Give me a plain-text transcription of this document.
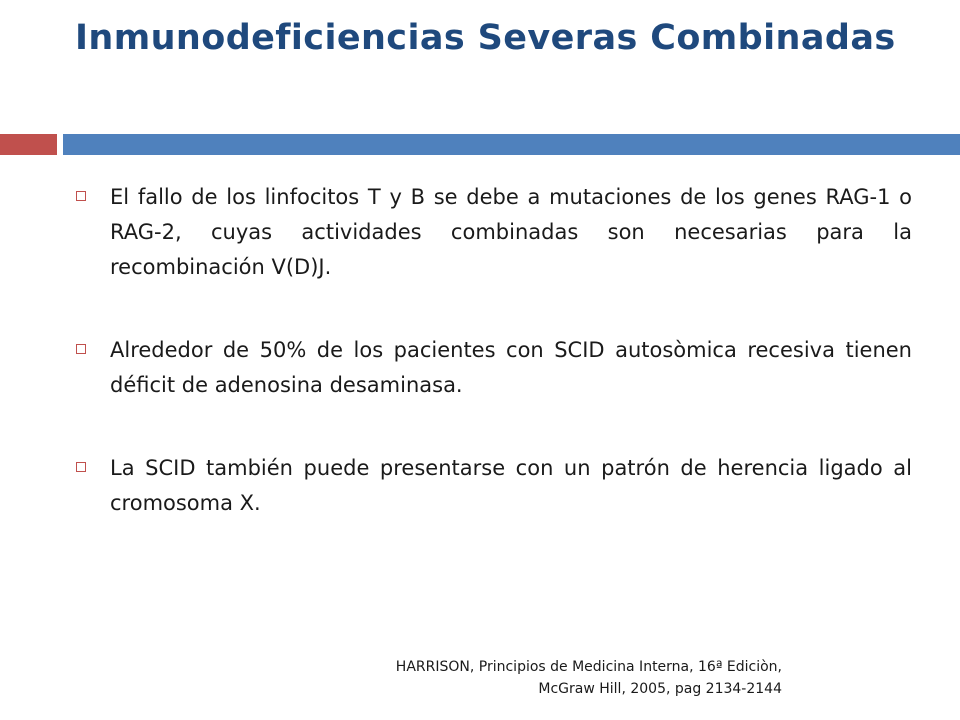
Inmunodeficiencias Severas Combinadas
El fallo de los linfocitos T y B se debe a mutaciones de los genes RAG-1 o RAG-2, cuyas actividades combinadas son necesarias para la recombinación V(D)J.
Alrededor de 50% de los pacientes con SCID autosòmica recesiva tienen déficit de adenosina desaminasa.
La SCID también puede presentarse con un patrón de herencia ligado al cromosoma X.
HARRISON, Principios de Medicina Interna, 16ª Ediciòn,
McGraw Hill, 2005, pag 2134-2144
